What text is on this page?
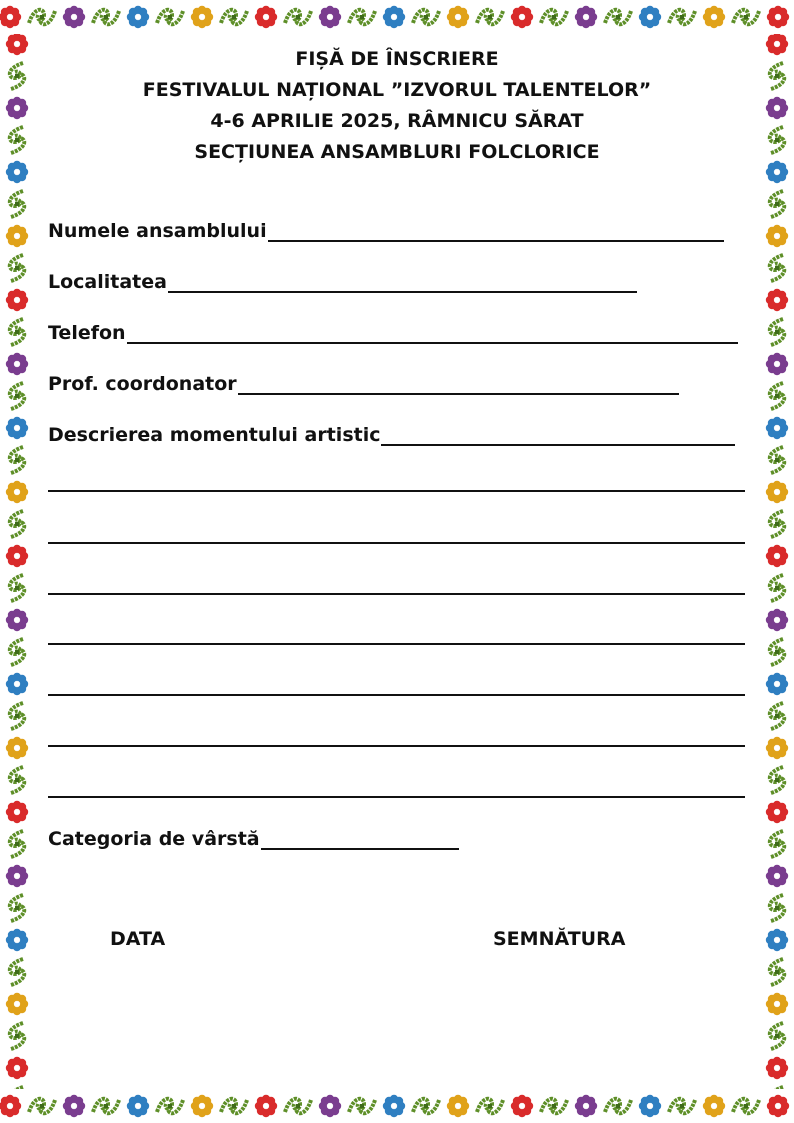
FIȘĂ DE ÎNSCRIERE
FESTIVALUL NAȚIONAL ”IZVORUL TALENTELOR”
4-6 APRILIE 2025, RÂMNICU SĂRAT
SECȚIUNEA ANSAMBLURI FOLCLORICE
Numele ansamblului
Localitatea
Telefon
Prof. coordonator
Descrierea momentului artistic
Categoria de vârstă
DATA	SEMNĂTURA
